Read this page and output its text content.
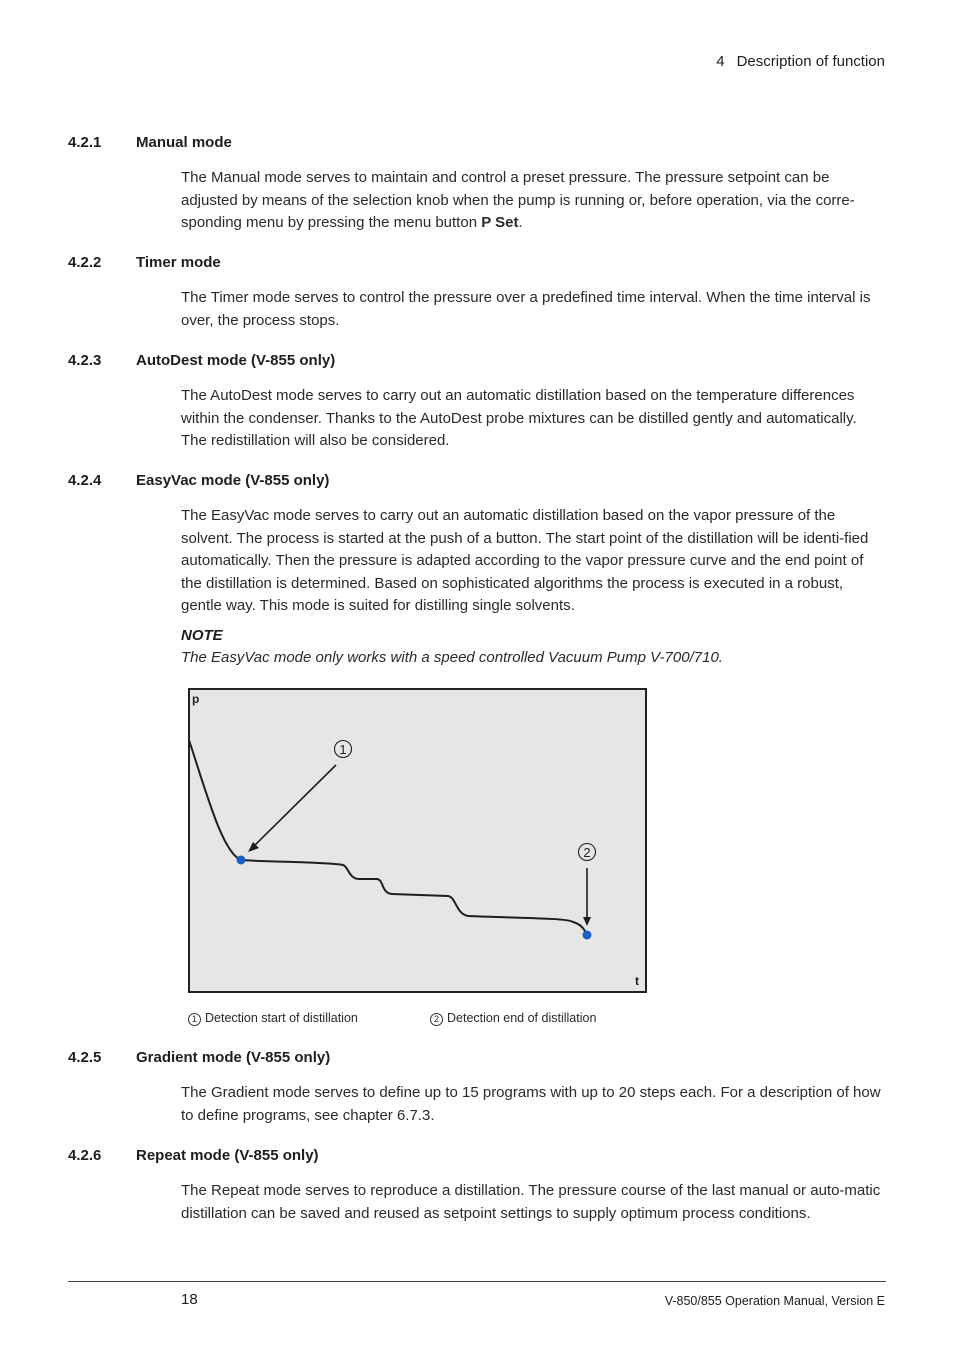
4 Description of function
4.2.1 Manual mode

The Manual mode serves to maintain and control a preset pressure. The pressure setpoint can be adjusted by means of the selection knob when the pump is running or, before operation, via the corre-sponding menu by pressing the menu button P Set.

4.2.2 Timer mode

The Timer mode serves to control the pressure over a predefined time interval. When the time interval is over, the process stops.

4.2.3 AutoDest mode (V-855 only)

The AutoDest mode serves to carry out an automatic distillation based on the temperature differences within the condenser. Thanks to the AutoDest probe mixtures can be distilled gently and automatically. The redistillation will also be considered.

4.2.4 EasyVac mode (V-855 only)

The EasyVac mode serves to carry out an automatic distillation based on the vapor pressure of the solvent. The process is started at the push of a button. The start point of the distillation will be identi-fied automatically. Then the pressure is adapted according to the vapor pressure curve and the end point of the distillation is determined. Based on sophisticated algorithms the process is executed in a robust, gentle way. This mode is suited for distilling single solvents.

NOTE
The EasyVac mode only works with a speed controlled Vacuum Pump V-700/710.
p
t
1
2
1 Detection start of distillation	2 Detection end of distillation
4.2.5 Gradient mode (V-855 only)

The Gradient mode serves to define up to 15 programs with up to 20 steps each. For a description of how to define programs, see chapter 6.7.3.

4.2.6 Repeat mode (V-855 only)

The Repeat mode serves to reproduce a distillation. The pressure course of the last manual or auto-matic distillation can be saved and reused as setpoint settings to supply optimum process conditions.

18	V-850/855 Operation Manual, Version E
